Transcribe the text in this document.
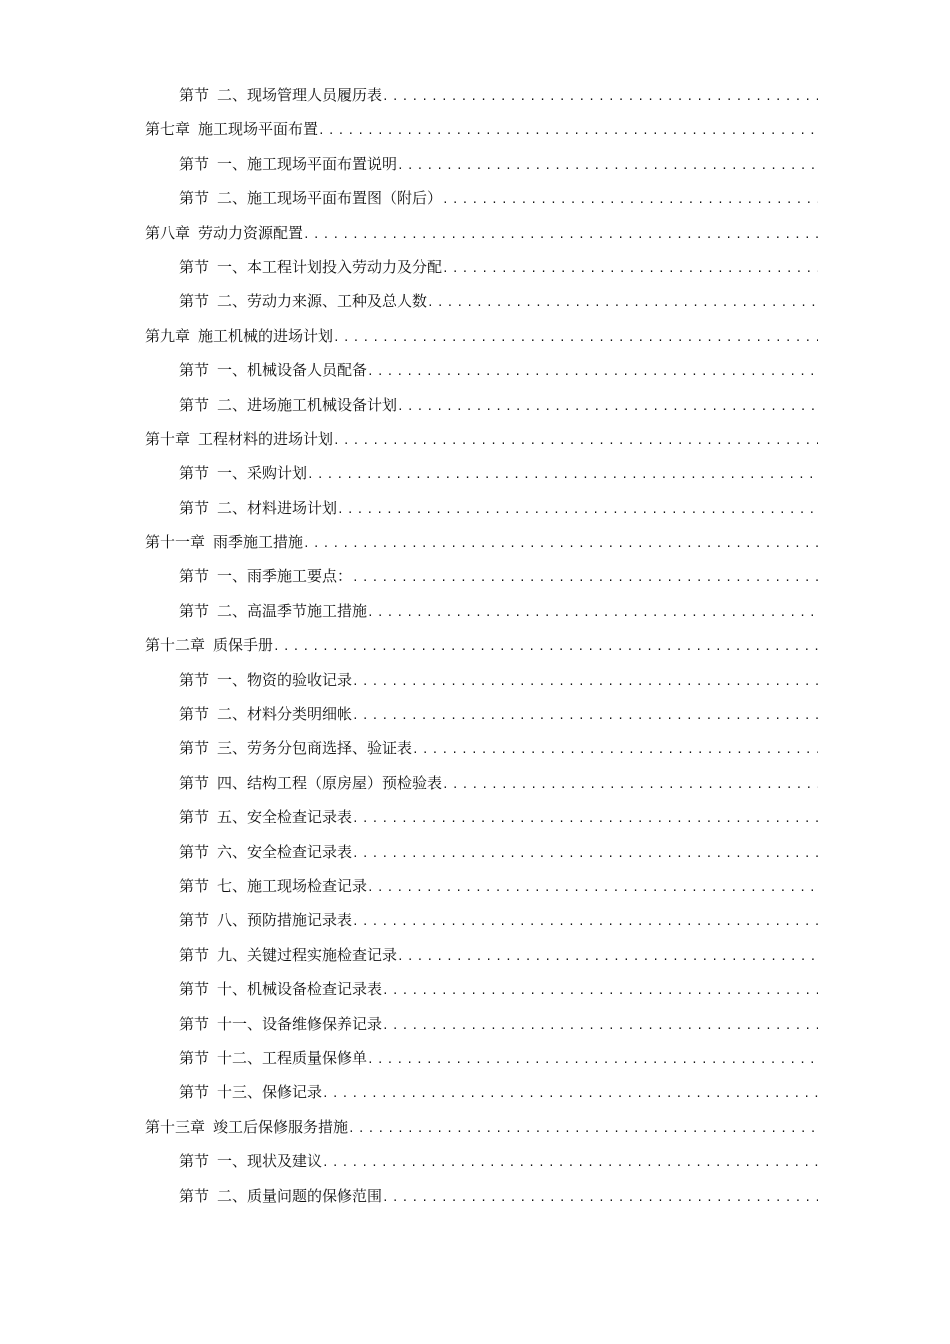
第节 二、现场管理人员履历表
.....
第七章 施工现场平面布置
.....
第节 一、施工现场平面布置说明
.....
第节 二、施工现场平面布置图（附后）
.....
第八章 劳动力资源配置
.....
第节 一、本工程计划投入劳动力及分配
.....
第节 二、劳动力来源、工种及总人数
.....
第九章 施工机械的进场计划
.....
第节 一、机械设备人员配备
.....
第节 二、进场施工机械设备计划
.....
第十章 工程材料的进场计划
.....
第节 一、采购计划
.....
第节 二、材料进场计划
.....
第十一章 雨季施工措施
.....
第节 一、雨季施工要点：
.....
第节 二、高温季节施工措施
.....
第十二章 质保手册
.....
第节 一、物资的验收记录
.....
第节 二、材料分类明细帐
.....
第节 三、劳务分包商选择、验证表
.....
第节 四、结构工程（原房屋）预检验表
.....
第节 五、安全检查记录表
.....
第节 六、安全检查记录表
.....
第节 七、施工现场检查记录
.....
第节 八、预防措施记录表
.....
第节 九、关键过程实施检查记录
.....
第节 十、机械设备检查记录表
.....
第节 十一、设备维修保养记录
.....
第节 十二、工程质量保修单
.....
第节 十三、保修记录
.....
第十三章 竣工后保修服务措施
.....
第节 一、现状及建议
.....
第节 二、质量问题的保修范围
.....
